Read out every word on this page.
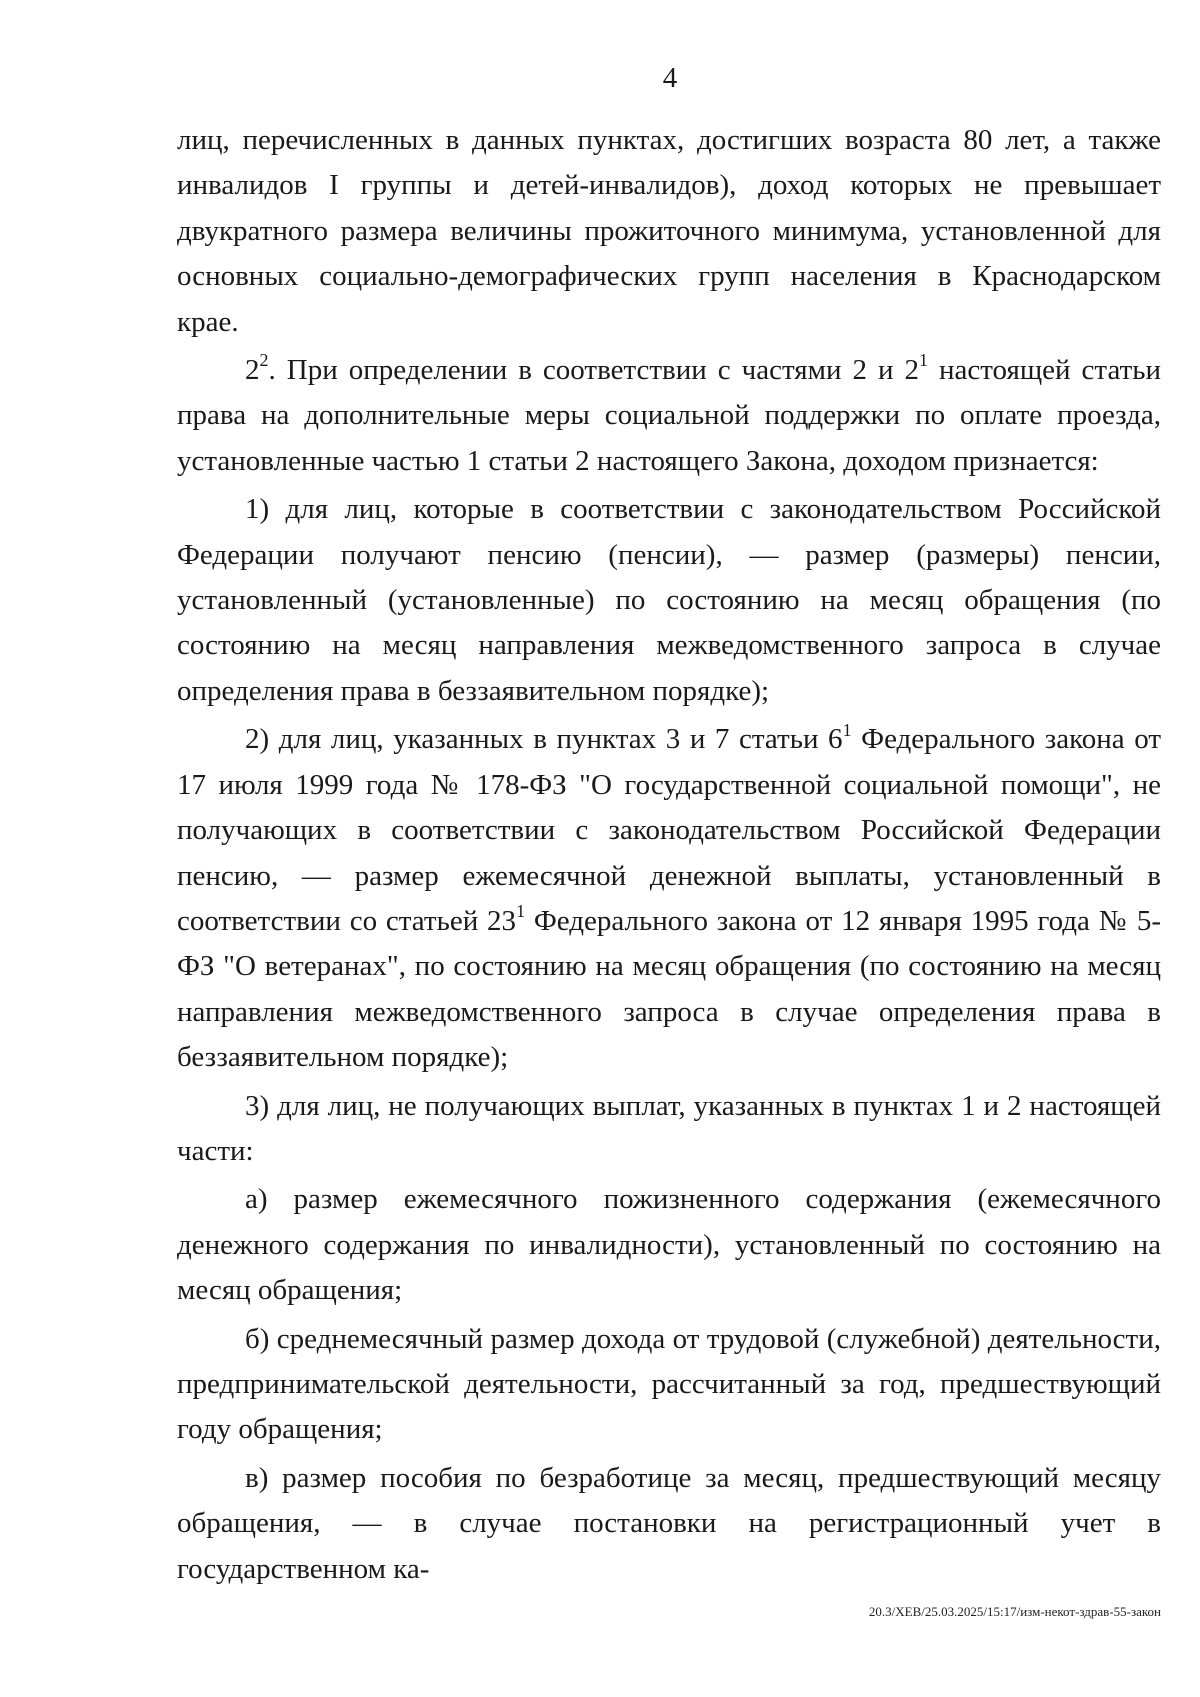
4

лиц, перечисленных в данных пунктах, достигших возраста 80 лет, а также инвалидов I группы и детей-инвалидов), доход которых не превышает двукратного размера величины прожиточного минимума, установленной для основных социально-демографических групп населения в Краснодарском крае.

$2^2$. При определении в соответствии с частями 2 и $2^1$ настоящей статьи права на дополнительные меры социальной поддержки по оплате проезда, установленные частью 1 статьи 2 настоящего Закона, доходом признается:

1) для лиц, которые в соответствии с законодательством Российской Федерации получают пенсию (пенсии), — размер (размеры) пенсии, установленный (установленные) по состоянию на месяц обращения (по состоянию на месяц направления межведомственного запроса в случае определения права в беззаявительном порядке);

2) для лиц, указанных в пунктах 3 и 7 статьи $6^1$ Федерального закона от 17 июля 1999 года № 178-ФЗ "О государственной социальной помощи", не получающих в соответствии с законодательством Российской Федерации пенсию, — размер ежемесячной денежной выплаты, установленный в соответствии со статьей $23^1$ Федерального закона от 12 января 1995 года № 5-ФЗ "О ветеранах", по состоянию на месяц обращения (по состоянию на месяц направления межведомственного запроса в случае определения права в беззаявительном порядке);

3) для лиц, не получающих выплат, указанных в пунктах 1 и 2 настоящей части:

а) размер ежемесячного пожизненного содержания (ежемесячного денежного содержания по инвалидности), установленный по состоянию на месяц обращения;

б) среднемесячный размер дохода от трудовой (служебной) деятельности, предпринимательской деятельности, рассчитанный за год, предшествующий году обращения;

в) размер пособия по безработице за месяц, предшествующий месяцу обращения, — в случае постановки на регистрационный учет в государственном ка-

20.3/ХЕВ/25.03.2025/15:17/изм-некот-здрав-55-закон
